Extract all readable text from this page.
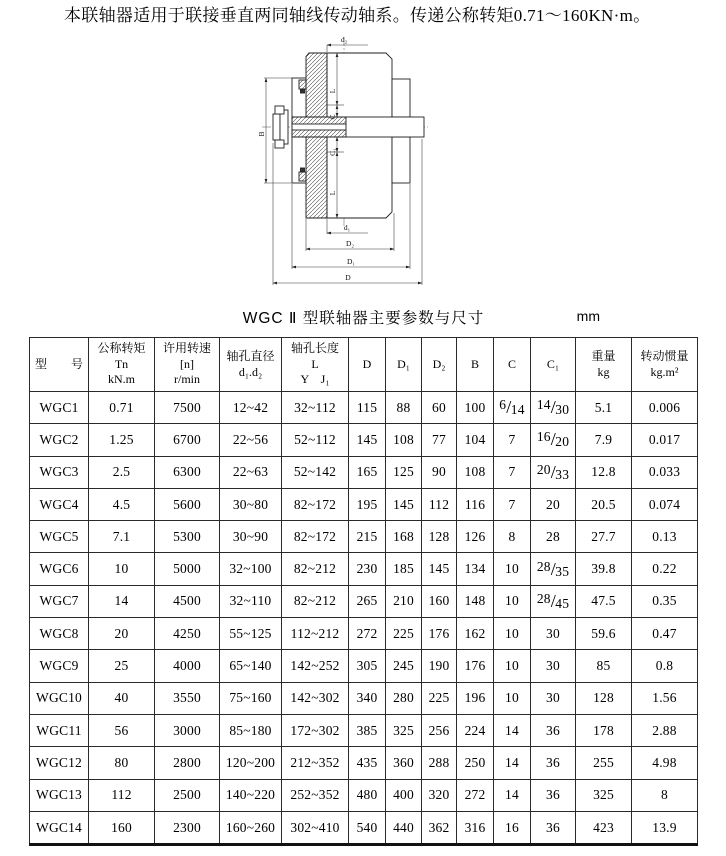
本联轴器适用于联接垂直两同轴线传动轴系。传递公称转矩0.71～160KN·m。

d₂
B
L
C
C₁
L
d₁
D₂
D₁
D
WGC Ⅱ 型联轴器主要参数与尺寸	mm
型　　号

公称转矩
Tn
kN.m

许用转速
[n]
r/min

轴孔直径
d₁.d₂

轴孔长度
L
Y　J₁

D	D₁	D₂	B	C	C₁

重量
kg

转动惯量
kg.m²

WGC1	0.71	7500	12~42	32~112	115	88	60	100	6/14	14/30	5.1	0.006
WGC2	1.25	6700	22~56	52~112	145	108	77	104	7	16/20	7.9	0.017
WGC3	2.5	6300	22~63	52~142	165	125	90	108	7	20/33	12.8	0.033
WGC4	4.5	5600	30~80	82~172	195	145	112	116	7	20	20.5	0.074
WGC5	7.1	5300	30~90	82~172	215	168	128	126	8	28	27.7	0.13
WGC6	10	5000	32~100	82~212	230	185	145	134	10	28/35	39.8	0.22
WGC7	14	4500	32~110	82~212	265	210	160	148	10	28/45	47.5	0.35
WGC8	20	4250	55~125	112~212	272	225	176	162	10	30	59.6	0.47
WGC9	25	4000	65~140	142~252	305	245	190	176	10	30	85	0.8
WGC10	40	3550	75~160	142~302	340	280	225	196	10	30	128	1.56
WGC11	56	3000	85~180	172~302	385	325	256	224	14	36	178	2.88
WGC12	80	2800	120~200	212~352	435	360	288	250	14	36	255	4.98
WGC13	112	2500	140~220	252~352	480	400	320	272	14	36	325	8
WGC14	160	2300	160~260	302~410	540	440	362	316	16	36	423	13.9
